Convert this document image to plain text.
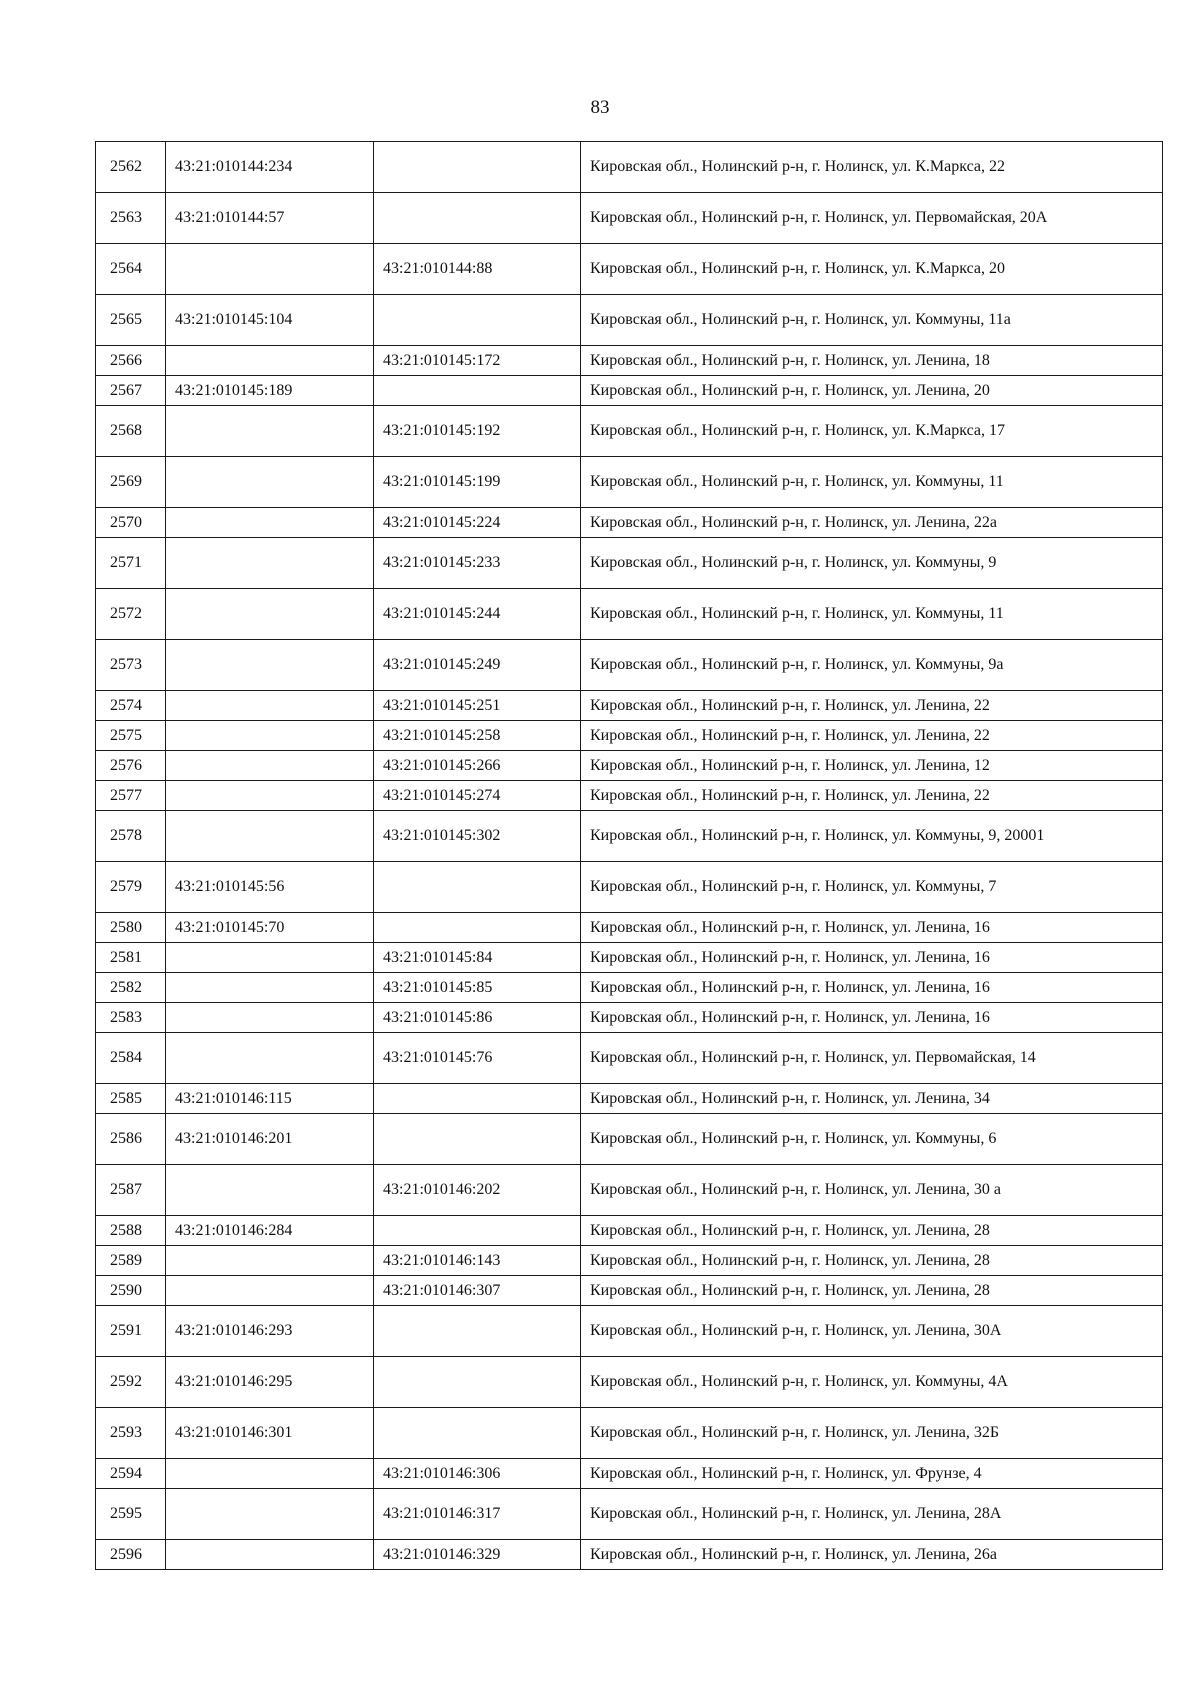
83
2562	43:21:010144:234		Кировская обл., Нолинский р-н, г. Нолинск, ул. К.Маркса, 22
2563	43:21:010144:57		Кировская обл., Нолинский р-н, г. Нолинск, ул. Первомайская, 20А
2564		43:21:010144:88	Кировская обл., Нолинский р-н, г. Нолинск, ул. К.Маркса, 20
2565	43:21:010145:104		Кировская обл., Нолинский р-н, г. Нолинск, ул. Коммуны, 11а
2566		43:21:010145:172	Кировская обл., Нолинский р-н, г. Нолинск, ул. Ленина, 18
2567	43:21:010145:189		Кировская обл., Нолинский р-н, г. Нолинск, ул. Ленина, 20
2568		43:21:010145:192	Кировская обл., Нолинский р-н, г. Нолинск, ул. К.Маркса, 17
2569		43:21:010145:199	Кировская обл., Нолинский р-н, г. Нолинск, ул. Коммуны, 11
2570		43:21:010145:224	Кировская обл., Нолинский р-н, г. Нолинск, ул. Ленина, 22а
2571		43:21:010145:233	Кировская обл., Нолинский р-н, г. Нолинск, ул. Коммуны, 9
2572		43:21:010145:244	Кировская обл., Нолинский р-н, г. Нолинск, ул. Коммуны, 11
2573		43:21:010145:249	Кировская обл., Нолинский р-н, г. Нолинск, ул. Коммуны, 9а
2574		43:21:010145:251	Кировская обл., Нолинский р-н, г. Нолинск, ул. Ленина, 22
2575		43:21:010145:258	Кировская обл., Нолинский р-н, г. Нолинск, ул. Ленина, 22
2576		43:21:010145:266	Кировская обл., Нолинский р-н, г. Нолинск, ул. Ленина, 12
2577		43:21:010145:274	Кировская обл., Нолинский р-н, г. Нолинск, ул. Ленина, 22
2578		43:21:010145:302	Кировская обл., Нолинский р-н, г. Нолинск, ул. Коммуны, 9, 20001
2579	43:21:010145:56		Кировская обл., Нолинский р-н, г. Нолинск, ул. Коммуны, 7
2580	43:21:010145:70		Кировская обл., Нолинский р-н, г. Нолинск, ул. Ленина, 16
2581		43:21:010145:84	Кировская обл., Нолинский р-н, г. Нолинск, ул. Ленина, 16
2582		43:21:010145:85	Кировская обл., Нолинский р-н, г. Нолинск, ул. Ленина, 16
2583		43:21:010145:86	Кировская обл., Нолинский р-н, г. Нолинск, ул. Ленина, 16
2584		43:21:010145:76	Кировская обл., Нолинский р-н, г. Нолинск, ул. Первомайская, 14
2585	43:21:010146:115		Кировская обл., Нолинский р-н, г. Нолинск, ул. Ленина, 34
2586	43:21:010146:201		Кировская обл., Нолинский р-н, г. Нолинск, ул. Коммуны, 6
2587		43:21:010146:202	Кировская обл., Нолинский р-н, г. Нолинск, ул. Ленина, 30 а
2588	43:21:010146:284		Кировская обл., Нолинский р-н, г. Нолинск, ул. Ленина, 28
2589		43:21:010146:143	Кировская обл., Нолинский р-н, г. Нолинск, ул. Ленина, 28
2590		43:21:010146:307	Кировская обл., Нолинский р-н, г. Нолинск, ул. Ленина, 28
2591	43:21:010146:293		Кировская обл., Нолинский р-н, г. Нолинск, ул. Ленина, 30А
2592	43:21:010146:295		Кировская обл., Нолинский р-н, г. Нолинск, ул. Коммуны, 4А
2593	43:21:010146:301		Кировская обл., Нолинский р-н, г. Нолинск, ул. Ленина, 32Б
2594		43:21:010146:306	Кировская обл., Нолинский р-н, г. Нолинск, ул. Фрунзе, 4
2595		43:21:010146:317	Кировская обл., Нолинский р-н, г. Нолинск, ул. Ленина, 28А
2596		43:21:010146:329	Кировская обл., Нолинский р-н, г. Нолинск, ул. Ленина, 26а
